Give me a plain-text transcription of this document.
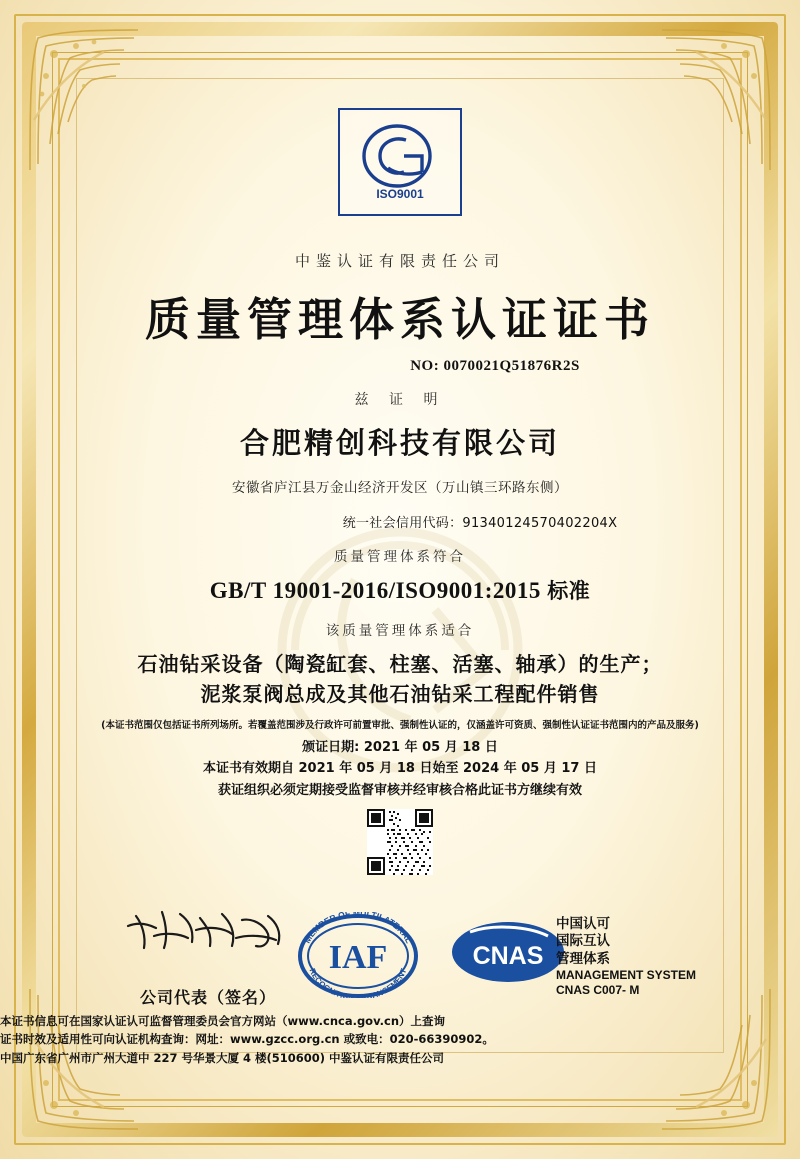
ISO9001
中鉴认证有限责任公司
质量管理体系认证证书
NO: 0070021Q51876R2S
兹 证 明
合肥精创科技有限公司
安徽省庐江县万金山经济开发区（万山镇三环路东侧）
统一社会信用代码：91340124570402204X
质量管理体系符合
GB/T 19001-2016/ISO9001:2015 标准
该质量管理体系适合
石油钻采设备（陶瓷缸套、柱塞、活塞、轴承）的生产；
泥浆泵阀总成及其他石油钻采工程配件销售
(本证书范围仅包括证书所列场所。若覆盖范围涉及行政许可前置审批、强制性认证的，仅涵盖许可资质、强制性认证证书范围内的产品及服务)
颁证日期: 2021 年 05 月 18 日
本证书有效期自 2021 年 05 月 18 日始至 2024 年 05 月 17 日
获证组织必须定期接受监督审核并经审核合格此证书方继续有效
公司代表（签名）
MEMBER OF MULTILATERAL
RECOGNITION ARRANGEMENT
IAF	CNAS
中国认可
国际互认
管理体系
MANAGEMENT SYSTEM
CNAS C007- M
本证书信息可在国家认证认可监督管理委员会官方网站（www.cnca.gov.cn）上查询
证书时效及适用性可向认证机构查询：网址：www.gzcc.org.cn 或致电：020-66390902。
中国广东省广州市广州大道中 227 号华景大厦 4 楼(510600) 中鉴认证有限责任公司
